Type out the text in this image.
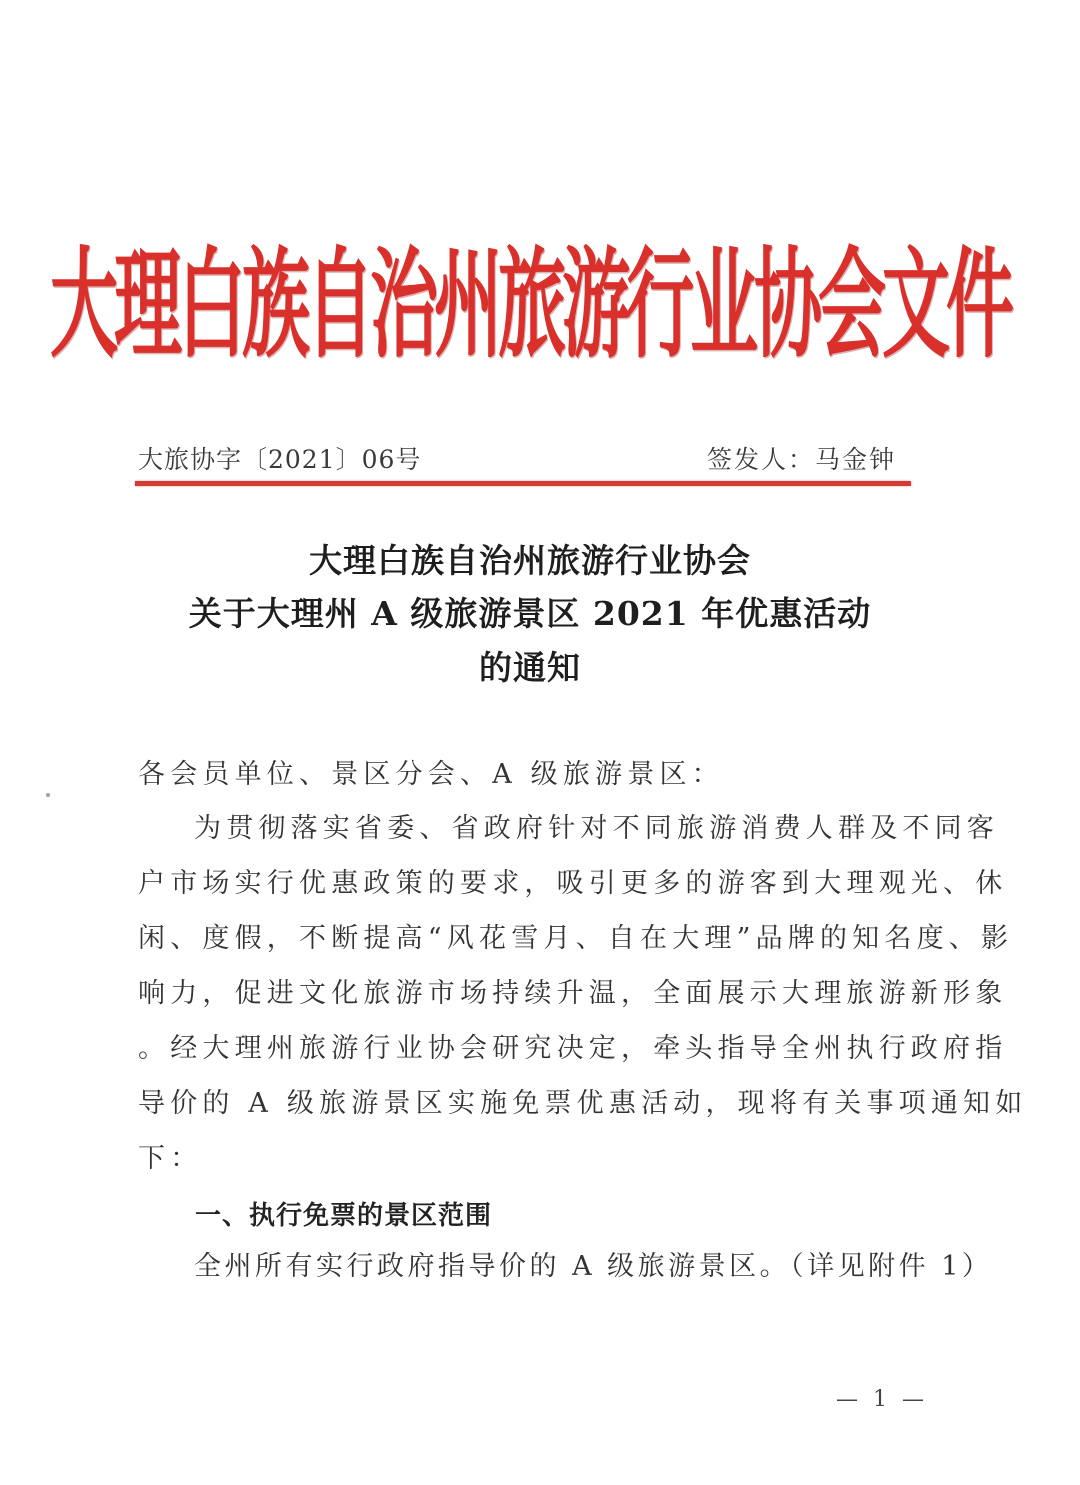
大理白族自治州旅游行业协会文件
大旅协字〔2021〕06号	签发人：马金钟
大理白族自治州旅游行业协会
关于大理州 A 级旅游景区 2021 年优惠活动
的通知
各会员单位、景区分会、A 级旅游景区：
为贯彻落实省委、省政府针对不同旅游消费人群及不同客
户市场实行优惠政策的要求，吸引更多的游客到大理观光、休
闲、度假，不断提高“风花雪月、自在大理”品牌的知名度、影
响力，促进文化旅游市场持续升温，全面展示大理旅游新形象
。经大理州旅游行业协会研究决定，牵头指导全州执行政府指
导价的 A 级旅游景区实施免票优惠活动，现将有关事项通知如
下：
一、执行免票的景区范围
全州所有实行政府指导价的 A 级旅游景区。（详见附件 1）
— 1 —
